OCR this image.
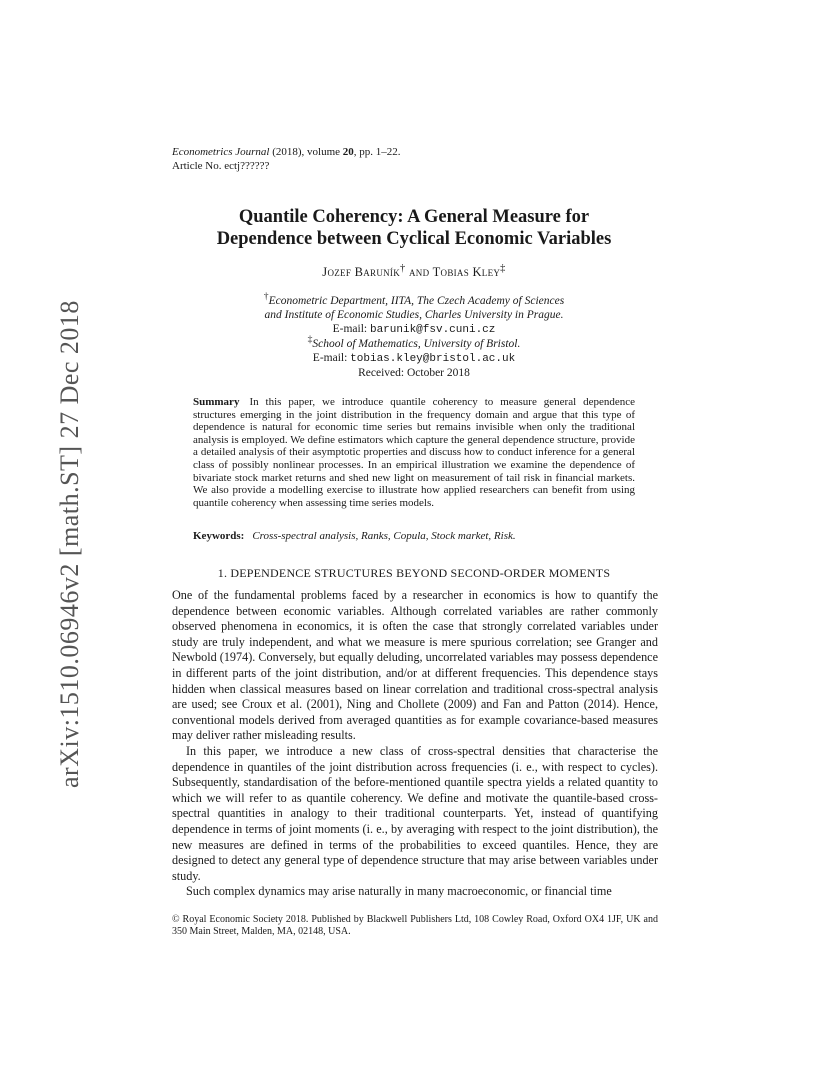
arXiv:1510.06946v2 [math.ST] 27 Dec 2018
Econometrics Journal (2018), volume 20, pp. 1–22.
Article No. ectj??????
Quantile Coherency: A General Measure for
Dependence between Cyclical Economic Variables
Jozef Baruník† and Tobias Kley‡
†Econometric Department, IITA, The Czech Academy of Sciences
and Institute of Economic Studies, Charles University in Prague.
E-mail: barunik@fsv.cuni.cz
‡School of Mathematics, University of Bristol.
E-mail: tobias.kley@bristol.ac.uk
Received: October 2018
Summary In this paper, we introduce quantile coherency to measure general dependence structures emerging in the joint distribution in the frequency domain and argue that this type of dependence is natural for economic time series but remains invisible when only the traditional analysis is employed. We define estimators which capture the general dependence structure, provide a detailed analysis of their asymptotic properties and discuss how to conduct inference for a general class of possibly nonlinear processes. In an empirical illustration we examine the dependence of bivariate stock market returns and shed new light on measurement of tail risk in financial markets. We also provide a modelling exercise to illustrate how applied researchers can benefit from using quantile coherency when assessing time series models.
Keywords: Cross-spectral analysis, Ranks, Copula, Stock market, Risk.
1. DEPENDENCE STRUCTURES BEYOND SECOND-ORDER MOMENTS

One of the fundamental problems faced by a researcher in economics is how to quantify the dependence between economic variables. Although correlated variables are rather commonly observed phenomena in economics, it is often the case that strongly correlated variables under study are truly independent, and what we measure is mere spurious correlation; see Granger and Newbold (1974). Conversely, but equally deluding, uncorrelated variables may possess dependence in different parts of the joint distribution, and/or at different frequencies. This dependence stays hidden when classical measures based on linear correlation and traditional cross-spectral analysis are used; see Croux et al. (2001), Ning and Chollete (2009) and Fan and Patton (2014). Hence, conventional models derived from averaged quantities as for example covariance-based measures may deliver rather misleading results.

In this paper, we introduce a new class of cross-spectral densities that characterise the dependence in quantiles of the joint distribution across frequencies (i. e., with respect to cycles). Subsequently, standardisation of the before-mentioned quantile spectra yields a related quantity to which we will refer to as quantile coherency. We define and motivate the quantile-based cross-spectral quantities in analogy to their traditional counterparts. Yet, instead of quantifying dependence in terms of joint moments (i. e., by averaging with respect to the joint distribution), the new measures are defined in terms of the probabilities to exceed quantiles. Hence, they are designed to detect any general type of dependence structure that may arise between variables under study.

Such complex dynamics may arise naturally in many macroeconomic, or financial time

© Royal Economic Society 2018. Published by Blackwell Publishers Ltd, 108 Cowley Road, Oxford OX4 1JF, UK and 350 Main Street, Malden, MA, 02148, USA.
